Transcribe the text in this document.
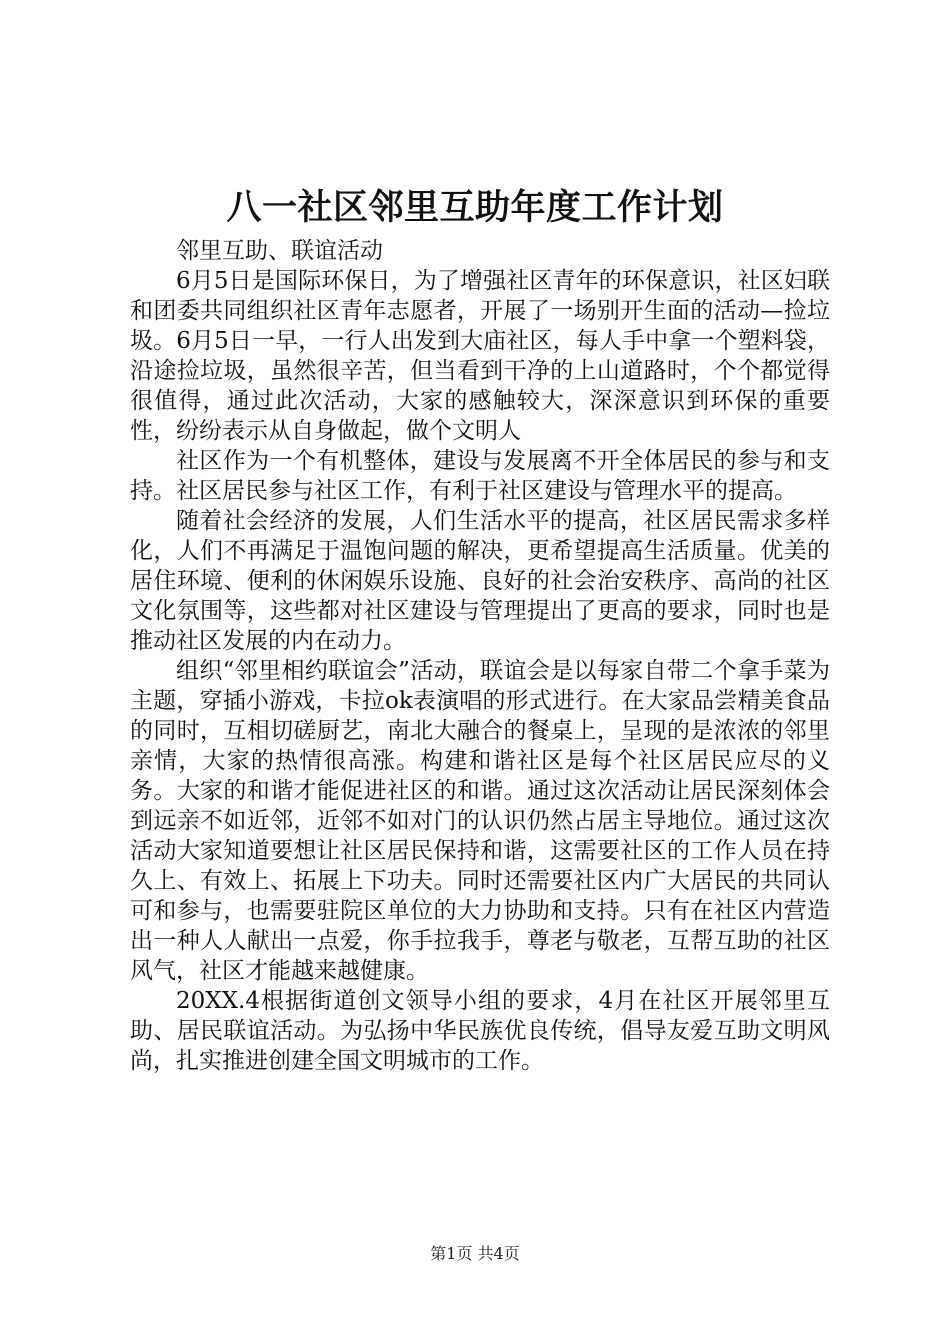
八一社区邻里互助年度工作计划

邻里互助、联谊活动

6月5日是国际环保日，为了增强社区青年的环保意识，社区妇联和团委共同组织社区青年志愿者，开展了一场别开生面的活动—捡垃圾。6月5日一早，一行人出发到大庙社区，每人手中拿一个塑料袋，沿途捡垃圾，虽然很辛苦，但当看到干净的上山道路时，个个都觉得很值得，通过此次活动，大家的感触较大，深深意识到环保的重要性，纷纷表示从自身做起，做个文明人

社区作为一个有机整体，建设与发展离不开全体居民的参与和支持。社区居民参与社区工作，有利于社区建设与管理水平的提高。

随着社会经济的发展，人们生活水平的提高，社区居民需求多样化，人们不再满足于温饱问题的解决，更希望提高生活质量。优美的居住环境、便利的休闲娱乐设施、良好的社会治安秩序、高尚的社区文化氛围等，这些都对社区建设与管理提出了更高的要求，同时也是推动社区发展的内在动力。

组织“邻里相约联谊会”活动，联谊会是以每家自带二个拿手菜为主题，穿插小游戏，卡拉ok表演唱的形式进行。在大家品尝精美食品的同时，互相切磋厨艺，南北大融合的餐桌上，呈现的是浓浓的邻里亲情，大家的热情很高涨。构建和谐社区是每个社区居民应尽的义务。大家的和谐才能促进社区的和谐。通过这次活动让居民深刻体会到远亲不如近邻，近邻不如对门的认识仍然占居主导地位。通过这次活动大家知道要想让社区居民保持和谐，这需要社区的工作人员在持久上、有效上、拓展上下功夫。同时还需要社区内广大居民的共同认可和参与，也需要驻院区单位的大力协助和支持。只有在社区内营造出一种人人献出一点爱，你手拉我手，尊老与敬老，互帮互助的社区风气，社区才能越来越健康。

20XX.4根据街道创文领导小组的要求，4月在社区开展邻里互助、居民联谊活动。为弘扬中华民族优良传统，倡导友爱互助文明风尚，扎实推进创建全国文明城市的工作。

第1页 共4页
